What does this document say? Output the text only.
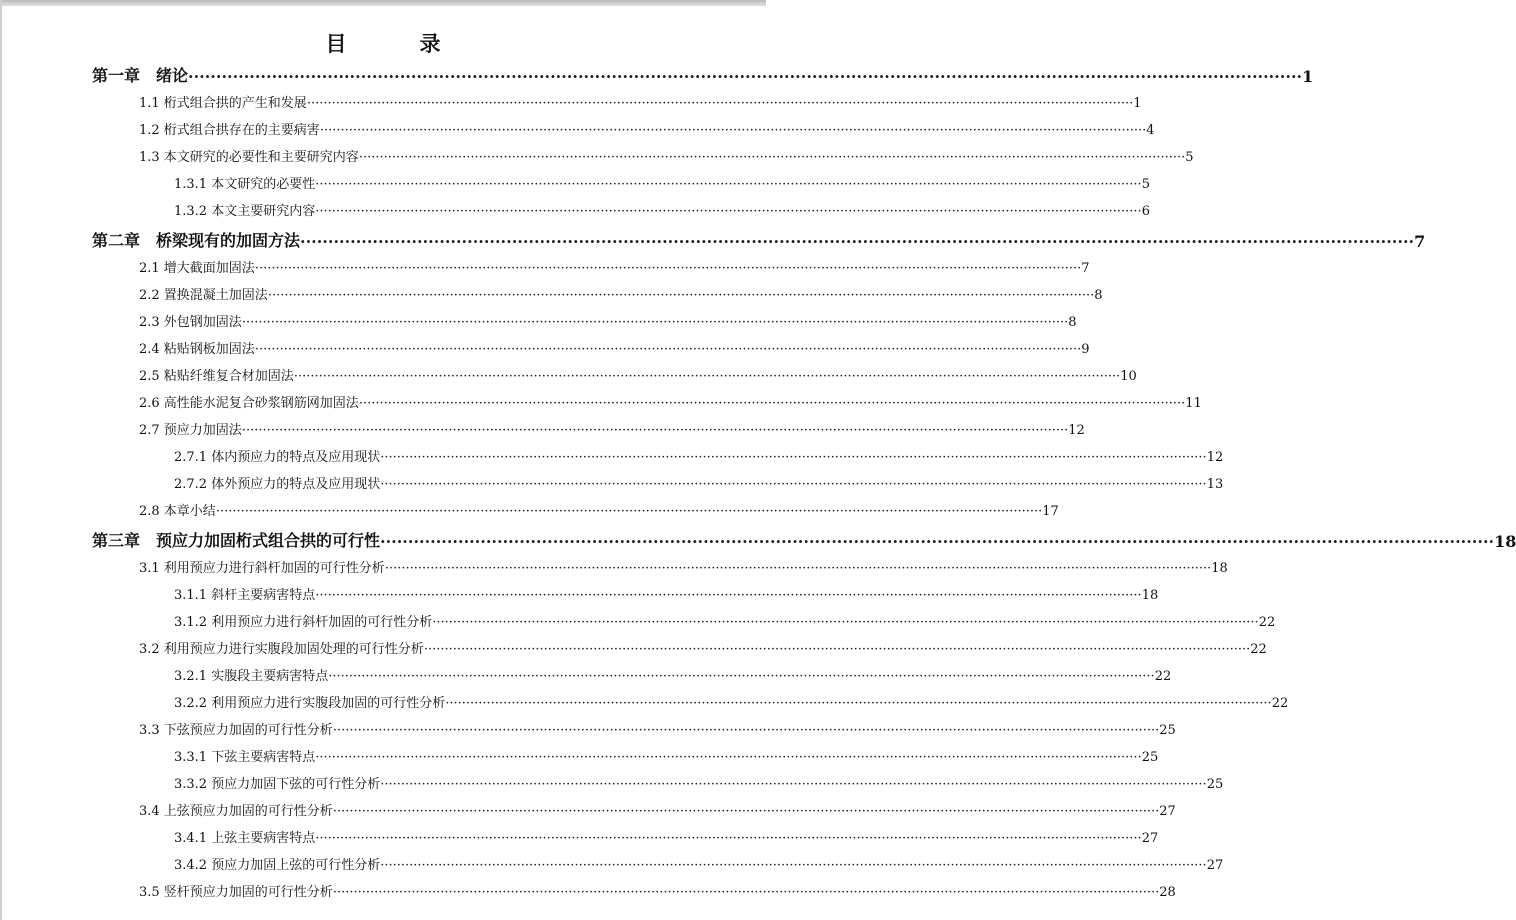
目　录
第一章　绪论 ········································································································································································································ 1
1.1 桁式组合拱的产生和发展 ········································································································································································································ 1
1.2 桁式组合拱存在的主要病害 ········································································································································································································ 4
1.3 本文研究的必要性和主要研究内容 ········································································································································································································ 5
1.3.1 本文研究的必要性 ········································································································································································································ 5
1.3.2 本文主要研究内容 ········································································································································································································ 6
第二章　桥梁现有的加固方法 ········································································································································································································ 7
2.1 增大截面加固法 ········································································································································································································ 7
2.2 置换混凝土加固法 ········································································································································································································ 8
2.3 外包钢加固法 ········································································································································································································ 8
2.4 粘贴钢板加固法 ········································································································································································································ 9
2.5 粘贴纤维复合材加固法 ········································································································································································································ 10
2.6 高性能水泥复合砂浆钢筋网加固法 ········································································································································································································ 11
2.7 预应力加固法 ········································································································································································································ 12
2.7.1 体内预应力的特点及应用现状 ········································································································································································································ 12
2.7.2 体外预应力的特点及应用现状 ········································································································································································································ 13
2.8 本章小结 ········································································································································································································ 17
第三章　预应力加固桁式组合拱的可行性 ········································································································································································································ 18
3.1 利用预应力进行斜杆加固的可行性分析 ········································································································································································································ 18
3.1.1 斜杆主要病害特点 ········································································································································································································ 18
3.1.2 利用预应力进行斜杆加固的可行性分析 ········································································································································································································ 22
3.2 利用预应力进行实腹段加固处理的可行性分析 ········································································································································································································ 22
3.2.1 实腹段主要病害特点 ········································································································································································································ 22
3.2.2 利用预应力进行实腹段加固的可行性分析 ········································································································································································································ 22
3.3 下弦预应力加固的可行性分析 ········································································································································································································ 25
3.3.1 下弦主要病害特点 ········································································································································································································ 25
3.3.2 预应力加固下弦的可行性分析 ········································································································································································································ 25
3.4 上弦预应力加固的可行性分析 ········································································································································································································ 27
3.4.1 上弦主要病害特点 ········································································································································································································ 27
3.4.2 预应力加固上弦的可行性分析 ········································································································································································································ 27
3.5 竖杆预应力加固的可行性分析 ········································································································································································································ 28
